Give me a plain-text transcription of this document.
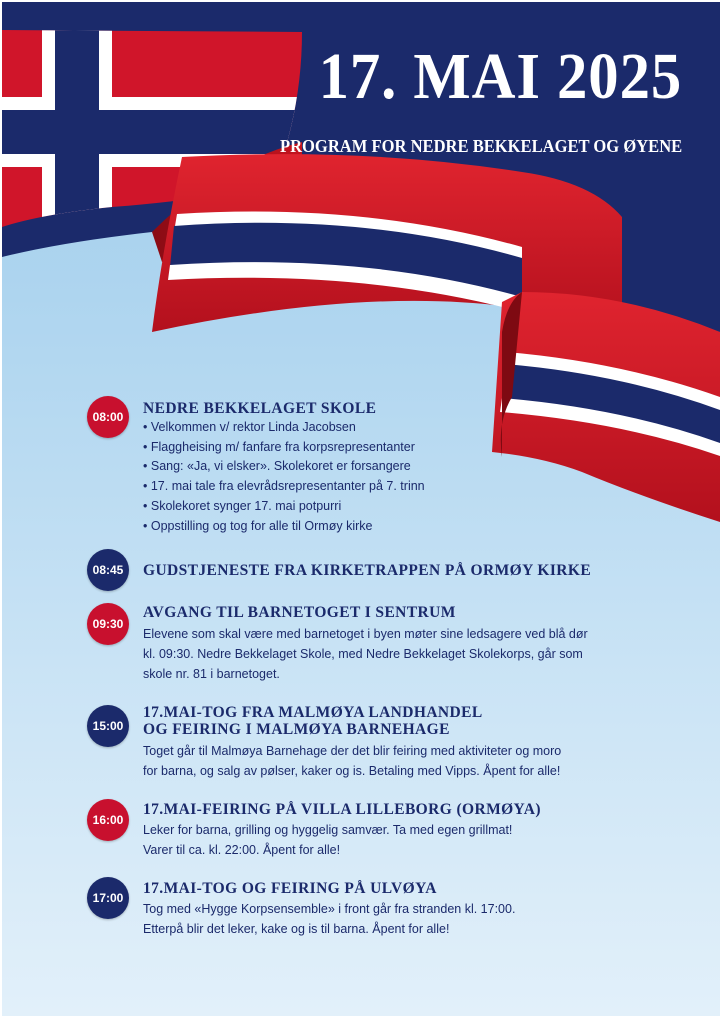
17. MAI 2025
PROGRAM FOR NEDRE BEKKELAGET OG ØYENE
08:00	NEDRE BEKKELAGET SKOLE
• Velkommen v/ rektor Linda Jacobsen
• Flaggheising m/ fanfare fra korpsrepresentanter
• Sang: «Ja, vi elsker». Skolekoret er forsangere
• 17. mai tale fra elevrådsrepresentanter på 7. trinn
• Skolekoret synger 17. mai potpurri
• Oppstilling og tog for alle til Ormøy kirke
08:45	GUDSTJENESTE FRA KIRKETRAPPEN PÅ ORMØY KIRKE
09:30
AVGANG TIL BARNETOGET I SENTRUM

Elevene som skal være med barnetoget i byen møter sine ledsagere ved blå dør
kl. 09:30. Nedre Bekkelaget Skole, med Nedre Bekkelaget Skolekorps, går som
skole nr. 81 i barnetoget.

15:00
17.MAI-TOG FRA MALMØYA LANDHANDEL
OG FEIRING I MALMØYA BARNEHAGE

Toget går til Malmøya Barnehage der det blir feiring med aktiviteter og moro
for barna, og salg av pølser, kaker og is. Betaling med Vipps. Åpent for alle!

16:00
17.MAI-FEIRING PÅ VILLA LILLEBORG (ORMØYA)

Leker for barna, grilling og hyggelig samvær. Ta med egen grillmat!
Varer til ca. kl. 22:00. Åpent for alle!

17:00
17.MAI-TOG OG FEIRING PÅ ULVØYA

Tog med «Hygge Korpsensemble» i front går fra stranden kl. 17:00.
Etterpå blir det leker, kake og is til barna. Åpent for alle!
